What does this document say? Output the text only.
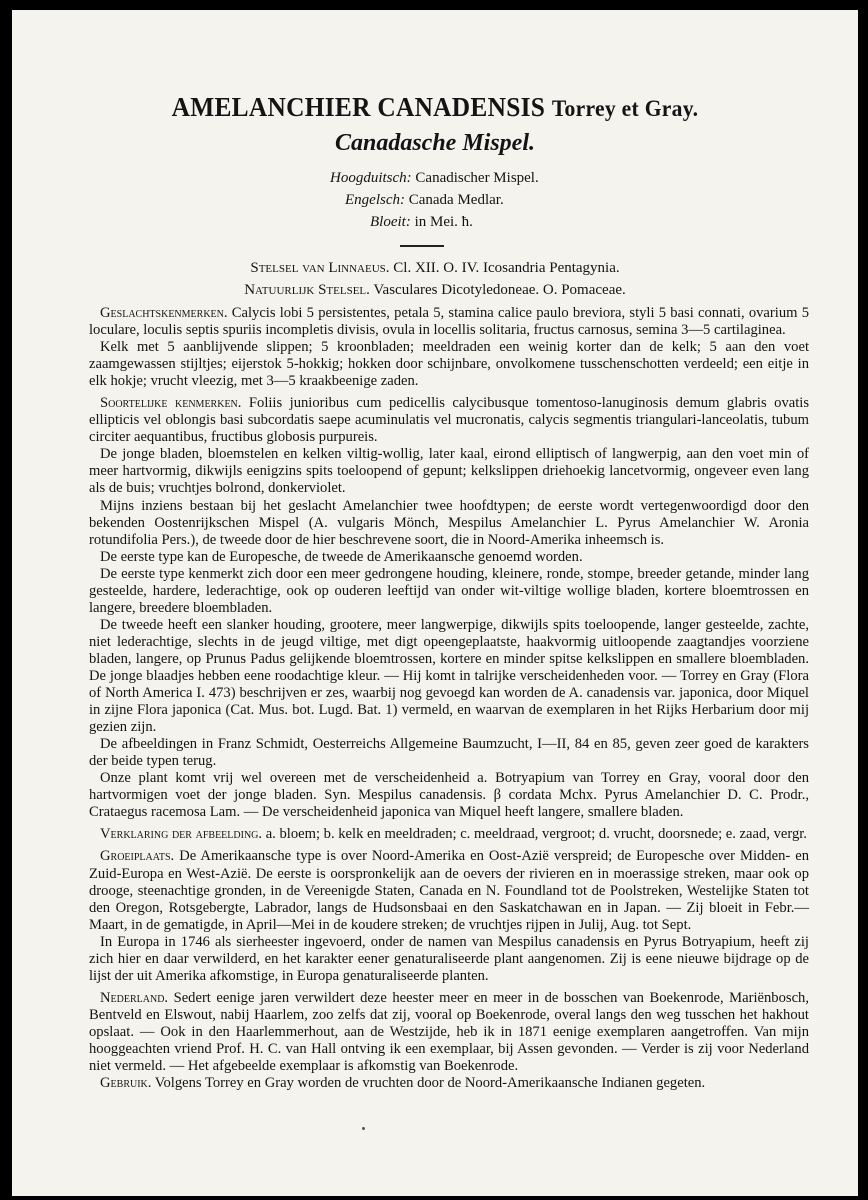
AMELANCHIER CANADENSIS Torrey et Gray.
Canadasche Mispel.
Hoogduitsch: Canadischer Mispel.
Engelsch: Canada Medlar.
Bloeit: in Mei. ħ.
Stelsel van Linnaeus. Cl. XII. O. IV. Icosandria Pentagynia.
Natuurlijk Stelsel. Vasculares Dicotyledoneae. O. Pomaceae.

Geslachtskenmerken. Calycis lobi 5 persistentes, petala 5, stamina calice paulo breviora, styli 5 basi connati, ovarium 5 loculare, loculis septis spuriis incompletis divisis, ovula in locellis solitaria, fructus carnosus, semina 3—5 cartilaginea.

Kelk met 5 aanblijvende slippen; 5 kroonbladen; meeldraden een weinig korter dan de kelk; 5 aan den voet zaamgewassen stijltjes; eijerstok 5-hokkig; hokken door schijnbare, onvolkomene tusschenschotten verdeeld; een eitje in elk hokje; vrucht vleezig, met 3—5 kraakbeenige zaden.

Soortelijke kenmerken. Foliis junioribus cum pedicellis calycibusque tomentoso-lanuginosis demum glabris ovatis ellipticis vel oblongis basi subcordatis saepe acuminulatis vel mucronatis, calycis segmentis triangulari-lanceolatis, tubum circiter aequantibus, fructibus globosis purpureis.

De jonge bladen, bloemstelen en kelken viltig-wollig, later kaal, eirond elliptisch of langwerpig, aan den voet min of meer hartvormig, dikwijls eenigzins spits toeloopend of gepunt; kelkslippen driehoekig lancetvormig, ongeveer even lang als de buis; vruchtjes bolrond, donkerviolet.

Mijns inziens bestaan bij het geslacht Amelanchier twee hoofdtypen; de eerste wordt vertegenwoordigd door den bekenden Oostenrijkschen Mispel (A. vulgaris Mönch, Mespilus Amelanchier L. Pyrus Amelanchier W. Aronia rotundifolia Pers.), de tweede door de hier beschrevene soort, die in Noord-Amerika inheemsch is.

De eerste type kan de Europesche, de tweede de Amerikaansche genoemd worden.

De eerste type kenmerkt zich door een meer gedrongene houding, kleinere, ronde, stompe, breeder getande, minder lang gesteelde, hardere, lederachtige, ook op ouderen leeftijd van onder wit-viltige wollige bladen, kortere bloemtrossen en langere, breedere bloembladen.

De tweede heeft een slanker houding, grootere, meer langwerpige, dikwijls spits toeloopende, langer gesteelde, zachte, niet lederachtige, slechts in de jeugd viltige, met digt opeengeplaatste, haakvormig uitloopende zaagtandjes voorziene bladen, langere, op Prunus Padus gelijkende bloemtrossen, kortere en minder spitse kelkslippen en smallere bloembladen. De jonge blaadjes hebben eene roodachtige kleur. — Hij komt in talrijke verscheidenheden voor. — Torrey en Gray (Flora of North America I. 473) beschrijven er zes, waarbij nog gevoegd kan worden de A. canadensis var. japonica, door Miquel in zijne Flora japonica (Cat. Mus. bot. Lugd. Bat. 1) vermeld, en waarvan de exemplaren in het Rijks Herbarium door mij gezien zijn.

De afbeeldingen in Franz Schmidt, Oesterreichs Allgemeine Baumzucht, I—II, 84 en 85, geven zeer goed de karakters der beide typen terug.

Onze plant komt vrij wel overeen met de verscheidenheid a. Botryapium van Torrey en Gray, vooral door den hartvormigen voet der jonge bladen. Syn. Mespilus canadensis. β cordata Mchx. Pyrus Amelanchier D. C. Prodr., Crataegus racemosa Lam. — De verscheidenheid japonica van Miquel heeft langere, smallere bladen.

Verklaring der afbeelding. a. bloem; b. kelk en meeldraden; c. meeldraad, vergroot; d. vrucht, doorsnede; e. zaad, vergr.

Groeiplaats. De Amerikaansche type is over Noord-Amerika en Oost-Azië verspreid; de Europesche over Midden- en Zuid-Europa en West-Azië. De eerste is oorspronkelijk aan de oevers der rivieren en in moerassige streken, maar ook op drooge, steenachtige gronden, in de Vereenigde Staten, Canada en N. Foundland tot de Poolstreken, Westelijke Staten tot den Oregon, Rotsgebergte, Labrador, langs de Hudsonsbaai en den Saskatchawan en in Japan. — Zij bloeit in Febr.—Maart, in de gematigde, in April—Mei in de koudere streken; de vruchtjes rijpen in Julij, Aug. tot Sept.

In Europa in 1746 als sierheester ingevoerd, onder de namen van Mespilus canadensis en Pyrus Botryapium, heeft zij zich hier en daar verwilderd, en het karakter eener genaturaliseerde plant aangenomen. Zij is eene nieuwe bijdrage op de lijst der uit Amerika afkomstige, in Europa genaturaliseerde planten.

Nederland. Sedert eenige jaren verwildert deze heester meer en meer in de bosschen van Boekenrode, Mariënbosch, Bentveld en Elswout, nabij Haarlem, zoo zelfs dat zij, vooral op Boekenrode, overal langs den weg tusschen het hakhout opslaat. — Ook in den Haarlemmerhout, aan de Westzijde, heb ik in 1871 eenige exemplaren aangetroffen. Van mijn hooggeachten vriend Prof. H. C. van Hall ontving ik een exemplaar, bij Assen gevonden. — Verder is zij voor Nederland niet vermeld. — Het afgebeelde exemplaar is afkomstig van Boekenrode.

Gebruik. Volgens Torrey en Gray worden de vruchten door de Noord-Amerikaansche Indianen gegeten.
